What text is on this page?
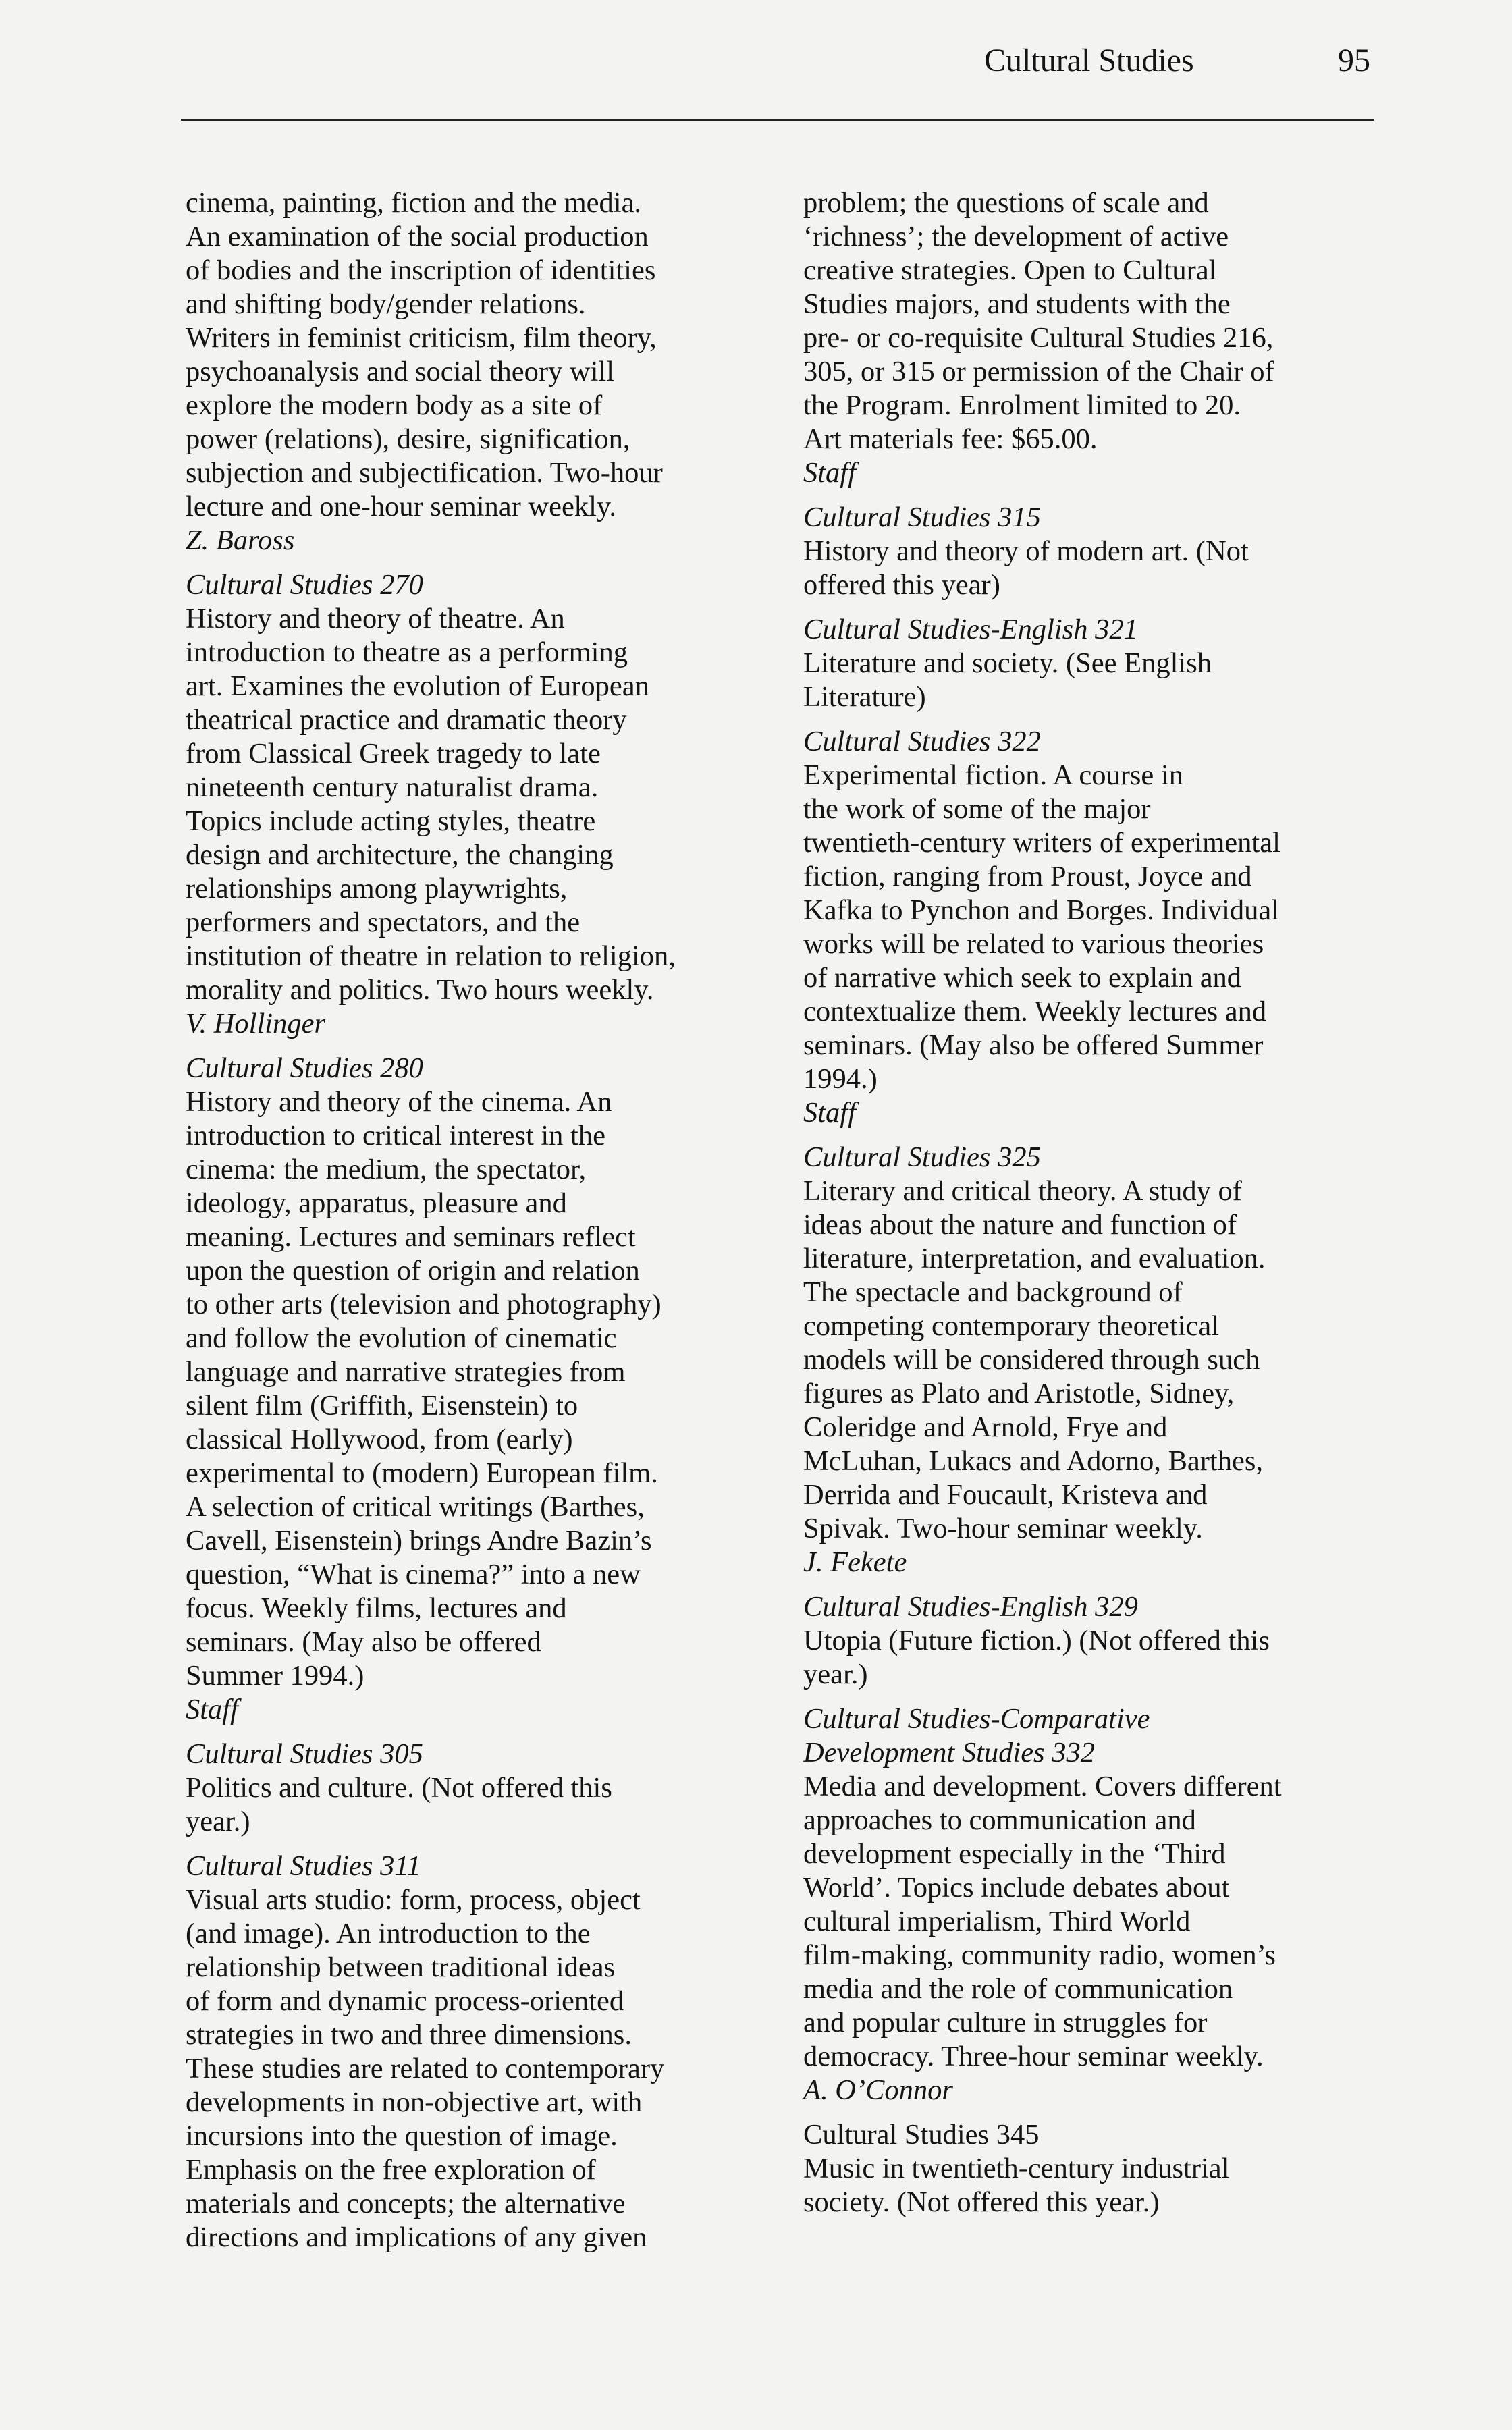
Cultural Studies	95
cinema, painting, fiction and the media.
An examination of the social production
of bodies and the inscription of identities
and shifting body/gender relations.
Writers in feminist criticism, film theory,
psychoanalysis and social theory will
explore the modern body as a site of
power (relations), desire, signification,
subjection and subjectification. Two-hour
lecture and one-hour seminar weekly.
Z. Baross
Cultural Studies 270
History and theory of theatre. An
introduction to theatre as a performing
art. Examines the evolution of European
theatrical practice and dramatic theory
from Classical Greek tragedy to late
nineteenth century naturalist drama.
Topics include acting styles, theatre
design and architecture, the changing
relationships among playwrights,
performers and spectators, and the
institution of theatre in relation to religion,
morality and politics. Two hours weekly.
V. Hollinger
Cultural Studies 280
History and theory of the cinema. An
introduction to critical interest in the
cinema: the medium, the spectator,
ideology, apparatus, pleasure and
meaning. Lectures and seminars reflect
upon the question of origin and relation
to other arts (television and photography)
and follow the evolution of cinematic
language and narrative strategies from
silent film (Griffith, Eisenstein) to
classical Hollywood, from (early)
experimental to (modern) European film.
A selection of critical writings (Barthes,
Cavell, Eisenstein) brings Andre Bazin’s
question, “What is cinema?” into a new
focus. Weekly films, lectures and
seminars. (May also be offered
Summer 1994.)
Staff
Cultural Studies 305
Politics and culture. (Not offered this
year.)
Cultural Studies 311
Visual arts studio: form, process, object
(and image). An introduction to the
relationship between traditional ideas
of form and dynamic process-oriented
strategies in two and three dimensions.
These studies are related to contemporary
developments in non-objective art, with
incursions into the question of image.
Emphasis on the free exploration of
materials and concepts; the alternative
directions and implications of any given
problem; the questions of scale and
‘richness’; the development of active
creative strategies. Open to Cultural
Studies majors, and students with the
pre- or co-requisite Cultural Studies 216,
305, or 315 or permission of the Chair of
the Program. Enrolment limited to 20.
Art materials fee: $65.00.
Staff
Cultural Studies 315
History and theory of modern art. (Not
offered this year)
Cultural Studies-English 321
Literature and society. (See English
Literature)
Cultural Studies 322
Experimental fiction. A course in
the work of some of the major
twentieth-century writers of experimental
fiction, ranging from Proust, Joyce and
Kafka to Pynchon and Borges. Individual
works will be related to various theories
of narrative which seek to explain and
contextualize them. Weekly lectures and
seminars. (May also be offered Summer
1994.)
Staff
Cultural Studies 325
Literary and critical theory. A study of
ideas about the nature and function of
literature, interpretation, and evaluation.
The spectacle and background of
competing contemporary theoretical
models will be considered through such
figures as Plato and Aristotle, Sidney,
Coleridge and Arnold, Frye and
McLuhan, Lukacs and Adorno, Barthes,
Derrida and Foucault, Kristeva and
Spivak. Two-hour seminar weekly.
J. Fekete
Cultural Studies-English 329
Utopia (Future fiction.) (Not offered this
year.)
Cultural Studies-Comparative
Development Studies 332
Media and development. Covers different
approaches to communication and
development especially in the ‘Third
World’. Topics include debates about
cultural imperialism, Third World
film-making, community radio, women’s
media and the role of communication
and popular culture in struggles for
democracy. Three-hour seminar weekly.
A. O’Connor
Cultural Studies 345
Music in twentieth-century industrial
society. (Not offered this year.)
